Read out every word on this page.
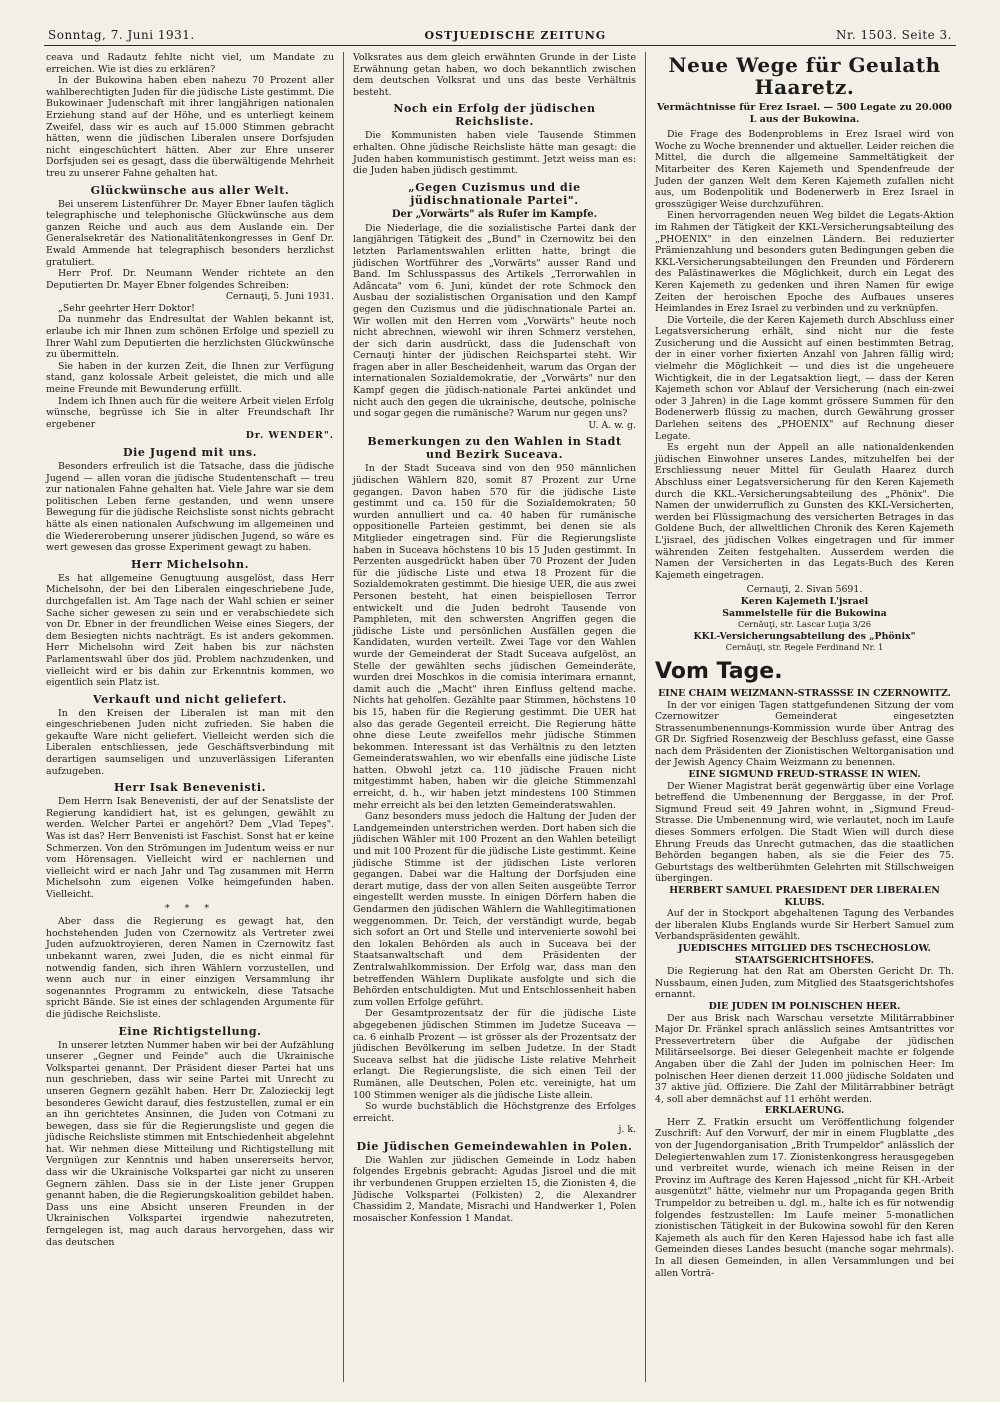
Sonntag, 7. Juni 1931.	OSTJUEDISCHE ZEITUNG	Nr. 1503. Seite 3.

ceava und Radautz fehlte nicht viel, um Mandate zu erreichen. Wie ist dies zu erklären?

In der Bukowina haben eben nahezu 70 Prozent aller wahlberechtigten Juden für die jüdische Liste gestimmt. Die Bukowinaer Judenschaft mit ihrer langjährigen nationalen Erziehung stand auf der Höhe, und es unterliegt keinem Zweifel, dass wir es auch auf 15.000 Stimmen gebracht hätten, wenn die jüdischen Liberalen unsere Dorfsjuden nicht eingeschüchtert hätten. Aber zur Ehre unserer Dorfsjuden sei es gesagt, dass die überwältigende Mehrheit treu zu unserer Fahne gehalten hat.

Glückwünsche aus aller Welt.

Bei unserem Listenführer Dr. Mayer Ebner laufen täglich telegraphische und telephonische Glückwünsche aus dem ganzen Reiche und auch aus dem Auslande ein. Der Generalsekretär des Nationalitätenkongresses in Genf Dr. Ewald Ammende hat telegraphisch besonders herzlichst gratuliert.

Herr Prof. Dr. Neumann Wender richtete an den Deputierten Dr. Mayer Ebner folgendes Schreiben:

Cernauţi, 5. Juni 1931.

„Sehr geehrter Herr Doktor!

Da nunmehr das Endresultat der Wahlen bekannt ist, erlaube ich mir Ihnen zum schönen Erfolge und speziell zu Ihrer Wahl zum Deputierten die herzlichsten Glückwünsche zu übermitteln.

Sie haben in der kurzen Zeit, die Ihnen zur Verfügung stand, ganz kolossale Arbeit geleistet, die mich und alle meine Freunde mit Bewunderung erfüllt.

Indem ich Ihnen auch für die weitere Arbeit vielen Erfolg wünsche, begrüsse ich Sie in alter Freundschaft Ihr ergebener

Dr. WENDER".
Die Jugend mit uns.

Besonders erfreulich ist die Tatsache, dass die jüdische Jugend — allen voran die jüdische Studentenschaft — treu zur nationalen Fahne gehalten hat. Viele Jahre war sie dem politischen Leben ferne gestanden, und wenn unsere Bewegung für die jüdische Reichsliste sonst nichts gebracht hätte als einen nationalen Aufschwung im allgemeinen und die Wiedereroberung unserer jüdischen Jugend, so wäre es wert gewesen das grosse Experiment gewagt zu haben.

Herr Michelsohn.

Es hat allgemeine Genugtuung ausgelöst, dass Herr Michelsohn, der bei den Liberalen eingeschriebene Jude, durchgefallen ist. Am Tage nach der Wahl schien er seiner Sache sicher gewesen zu sein und er verabschiedete sich von Dr. Ebner in der freundlichen Weise eines Siegers, der dem Besiegten nichts nachträgt. Es ist anders gekommen. Herr Michelsohn wird Zeit haben bis zur nächsten Parlamentswahl über dos jüd. Problem nachzudenken, und vielleicht wird er bis dahin zur Erkenntnis kommen, wo eigentlich sein Platz ist.

Verkauft und nicht geliefert.

In den Kreisen der Liberalen ist man mit den eingeschriebenen Juden nicht zufrieden. Sie haben die gekaufte Ware nicht geliefert. Vielleicht werden sich die Liberalen entschliessen, jede Geschäftsverbindung mit derartigen saumseligen und unzuverlässigen Liferanten aufzugeben.

Herr Isak Benevenisti.

Dem Herrn Isak Benevenisti, der auf der Senatsliste der Regierung kandidiert hat, ist es gelungen, gewählt zu werden. Welcher Partei er angehört? Dem „Vlad Tepeş". Was ist das? Herr Benvenisti ist Faschist. Sonst hat er keine Schmerzen. Von den Strömungen im Judentum weiss er nur vom Hörensagen. Vielleicht wird er nachlernen und vielleicht wird er nach Jahr und Tag zusammen mit Herrn Michelsohn zum eigenen Volke heimgefunden haben. Vielleicht.

* * *

Aber dass die Regierung es gewagt hat, den hochstehenden Juden von Czernowitz als Vertreter zwei Juden aufzuoktroyieren, deren Namen in Czernowitz fast unbekannt waren, zwei Juden, die es nicht einmal für notwendig fanden, sich ihren Wählern vorzustellen, und wenn auch nur in einer einzigen Versammlung ihr sogenanntes Programm zu entwickeln, diese Tatsache spricht Bände. Sie ist eines der schlagenden Argumente für die jüdische Reichsliste.

Eine Richtigstellung.

In unserer letzten Nummer haben wir bei der Aufzählung unserer „Gegner und Feinde" auch die Ukrainische Volkspartei genannt. Der Präsident dieser Partei hat uns nun geschrieben, dass wir seine Partei mit Unrecht zu unseren Gegnern gezählt haben. Herr Dr. Zalozieckij legt besonderes Gewicht darauf, dies festzustellen, zumal er ein an ihn gerichtetes Ansinnen, die Juden von Cotmani zu bewegen, dass sie für die Regierungsliste und gegen die jüdische Reichsliste stimmen mit Entschiedenheit abgelehnt hat. Wir nehmen diese Mitteilung und Richtigstellung mit Vergnügen zur Kenntnis und haben unsererseits hervor, dass wir die Ukrainische Volkspartei gar nicht zu unseren Gegnern zählen. Dass sie in der Liste jener Gruppen genannt haben, die die Regierungskoalition gebildet haben. Dass uns eine Absicht unseren Freunden in der Ukrainischen Volkspartei irgendwie nahezutreten, ferngelegen ist, mag auch daraus hervorgehen, dass wir das deutschen

Volksrates aus dem gleich erwähnten Grunde in der Liste Erwähnung getan haben, wo doch bekanntlich zwischen dem deutschen Volksrat und uns das beste Verhältnis besteht.

Noch ein Erfolg der jüdischen Reichsliste.

Die Kommunisten haben viele Tausende Stimmen erhalten. Ohne jüdische Reichsliste hätte man gesagt: die Juden haben kommunistisch gestimmt. Jetzt weiss man es: die Juden haben jüdisch gestimmt.

„Gegen Cuzismus und die jüdischnationale Partei".
Der „Vorwärts" als Rufer im Kampfe.

Die Niederlage, die die sozialistische Partei dank der langjährigen Tätigkeit des „Bund" in Czernowitz bei den letzten Parlamentswahlen erlitten hatte, bringt die jüdischen Wortführer des „Vorwärts" ausser Rand und Band. Im Schlusspassus des Artikels „Terrorwahlen in Adâncata" vom 6. Juni, kündet der rote Schmock den Ausbau der sozialistischen Organisation und den Kampf gegen den Cuzismus und die jüdischnationale Partei an. Wir wollen mit den Herren vom „Vorwärts" heute noch nicht abrechnen, wiewohl wir ihren Schmerz verstehen, der sich darin ausdrückt, dass die Judenschaft von Cernauţi hinter der jüdischen Reichspartei steht. Wir fragen aber in aller Bescheidenheit, warum das Organ der internationalen Sozialdemokratie, der „Vorwärts" nur den Kampf gegen die jüdisch-nationale Partei ankündet und nicht auch den gegen die ukrainische, deutsche, polnische und sogar gegen die rumänische? Warum nur gegen uns?

U. A. w. g.
Bemerkungen zu den Wahlen in Stadt und Bezirk Suceava.

In der Stadt Suceava sind von den 950 männlichen jüdischen Wählern 820, somit 87 Prozent zur Urne gegangen. Davon haben 570 für die jüdische Liste gestimmt und ca. 150 für die Sozialdemokraten; 50 wurden annulliert und ca. 40 haben für rumänische oppositionelle Parteien gestimmt, bei denen sie als Mitglieder eingetragen sind. Für die Regierungsliste haben in Suceava höchstens 10 bis 15 Juden gestimmt. In Perzenten ausgedrückt haben über 70 Prozent der Juden für die jüdische Liste und etwa 18 Prozent für die Sozialdemokraten gestimmt. Die hiesige UER, die aus zwei Personen besteht, hat einen beispiellosen Terror entwickelt und die Juden bedroht Tausende von Pamphleten, mit den schwersten Angriffen gegen die jüdische Liste und persönlichen Ausfällen gegen die Kandidaten, wurden verteilt. Zwei Tage vor den Wahlen wurde der Gemeinderat der Stadt Suceava aufgelöst, an Stelle der gewählten sechs jüdischen Gemeinderäte, wurden drei Moschkos in die comisia interimara ernannt, damit auch die „Macht" ihren Einfluss geltend mache. Nichts hat geholfen. Gezählte paar Stimmen, höchstens 10 bis 15, haben für die Regierung gestimmt. Die UER hat also das gerade Gegenteil erreicht. Die Regierung hätte ohne diese Leute zweifellos mehr jüdische Stimmen bekommen. Interessant ist das Verhältnis zu den letzten Gemeinderatswahlen, wo wir ebenfalls eine jüdische Liste hatten. Obwohl jetzt ca. 110 jüdische Frauen nicht mitgestimmt haben, haben wir die gleiche Stimmenzahl erreicht, d. h., wir haben jetzt mindestens 100 Stimmen mehr erreicht als bei den letzten Gemeinderatswahlen.

Ganz besonders muss jedoch die Haltung der Juden der Landgemeinden unterstrichen werden. Dort haben sich die jüdischen Wähler mit 100 Prozent an den Wahlen beteiligt und mit 100 Prozent für die jüdische Liste gestimmt. Keine jüdische Stimme ist der jüdischen Liste verloren gegangen. Dabei war die Haltung der Dorfsjuden eine derart mutige, dass der von allen Seiten ausgeübte Terror eingestellt werden musste. In einigen Dörfern haben die Gendarmen den jüdischen Wählern die Wahllegitimationen weggenommen. Dr. Teich, der verständigt wurde, begab sich sofort an Ort und Stelle und intervenierte sowohl bei den lokalen Behörden als auch in Suceava bei der Staatsanwaltschaft und dem Präsidenten der Zentralwahlkommission. Der Erfolg war, dass man den betreffenden Wählern Duplikate ausfolgte und sich die Behörden entschuldigten. Mut und Entschlossenheit haben zum vollen Erfolge geführt.

Der Gesamtprozentsatz der für die jüdische Liste abgegebenen jüdischen Stimmen im Judetze Suceava — ca. 6 einhalb Prozent — ist grösser als der Prozentsatz der jüdischen Bevölkerung im selben Judetze. In der Stadt Suceava selbst hat die jüdische Liste relative Mehrheit erlangt. Die Regierungsliste, die sich einen Teil der Rumänen, alle Deutschen, Polen etc. vereinigte, hat um 100 Stimmen weniger als die jüdische Liste allein.

So wurde buchstäblich die Höchstgrenze des Erfolges erreicht.

j. k.
Die Jüdischen Gemeindewahlen in Polen.

Die Wahlen zur jüdischen Gemeinde in Lodz haben folgendes Ergebnis gebracht: Agudas Jisroel und die mit ihr verbundenen Gruppen erzielten 15, die Zionisten 4, die Jüdische Volkspartei (Folkisten) 2, die Alexandrer Chassidim 2, Mandate, Misrachi und Handwerker 1, Polen mosaischer Konfession 1 Mandat.

Neue Wege für Geulath Haaretz.
Vermächtnisse für Erez Israel. — 500 Legate zu 20.000 L aus der Bukowina.

Die Frage des Bodenproblems in Erez Israel wird von Woche zu Woche brennender und aktueller. Leider reichen die Mittel, die durch die allgemeine Sammeltätigkeit der Mitarbeiter des Keren Kajemeth und Spendenfreude der Juden der ganzen Welt dem Keren Kajemeth zufallen nicht aus, um Bodenpolitik und Bodenerwerb in Erez Israel in grosszügiger Weise durchzuführen.

Einen hervorragenden neuen Weg bildet die Legats-Aktion im Rahmen der Tätigkeit der KKL-Versicherungsabteilung des „PHOENIX" in den einzelnen Ländern. Bei reduzierter Prämienzahlung und besonders guten Bedingungen geben die KKL-Versicherungsabteilungen den Freunden und Förderern des Palästinawerkes die Möglichkeit, durch ein Legat des Keren Kajemeth zu gedenken und ihren Namen für ewige Zeiten der heroischen Epoche des Aufbaues unseres Heimlandes in Erez Israel zu verbinden und zu verknüpfen.

Die Vorteile, die der Keren Kajemeth durch Abschluss einer Legatsversicherung erhält, sind nicht nur die feste Zusicherung und die Aussicht auf einen bestimmten Betrag, der in einer vorher fixierten Anzahl von Jahren fällig wird; vielmehr die Möglichkeit — und dies ist die ungeheuere Wichtigkeit, die in der Legatsaktion liegt, — dass der Keren Kajemeth schon vor Ablauf der Versicherung (nach ein-zwei oder 3 Jahren) in die Lage kommt grössere Summen für den Bodenerwerb flüssig zu machen, durch Gewährung grosser Darlehen seitens des „PHOENIX" auf Rechnung dieser Legate.

Es ergeht nun der Appell an alle nationaldenkenden jüdischen Einwohner unseres Landes, mitzuhelfen bei der Erschliessung neuer Mittel für Geulath Haarez durch Abschluss einer Legatsversicherung für den Keren Kajemeth durch die KKL.-Versicherungsabteilung des „Phönix". Die Namen der unwiderruflich zu Gunsten des KKL-Versicherten, werden bei Flüssigmachung des versicherten Betrages in das Goldene Buch, der allweltlichen Chronik des Keren Kajemeth L'jisrael, des jüdischen Volkes eingetragen und für immer währenden Zeiten festgehalten. Ausserdem werden die Namen der Versicherten in das Legats-Buch des Keren Kajemeth eingetragen.

Cernauţi, 2. Sivan 5691.
Keren Kajemeth L'jsrael
Sammelstelle für die Bukowina
Cernăuţi, str. Lascar Luţia 3/26
KKL-Versicherungsabteilung des „Phönix"
Cernăuţi, str. Regele Ferdinand Nr. 1
Vom Tage.
EINE CHAIM WEIZMANN-STRASSSE IN CZERNOWITZ.

In der vor einigen Tagen stattgefundenen Sitzung der vom Czernowitzer Gemeinderat eingesetzten Strassenumbenennungs-Kommission wurde über Antrag des GR Dr. Sigfried Rosenzweig der Beschluss gefasst, eine Gasse nach dem Präsidenten der Zionistischen Weltorganisation und der Jewish Agency Chaim Weizmann zu benennen.

EINE SIGMUND FREUD-STRASSE IN WIEN.

Der Wiener Magistrat berät gegenwärtig über eine Vorlage betreffend die Umbenennung der Berggasse, in der Prof. Sigmund Freud seit 49 Jahren wohnt, in „Sigmund Freud-Strasse. Die Umbenennung wird, wie verlautet, noch im Laufe dieses Sommers erfolgen. Die Stadt Wien will durch diese Ehrung Freuds das Unrecht gutmachen, das die staatlichen Behörden begangen haben, als sie die Feier des 75. Geburtstags des weltberühmten Gelehrten mit Stillschweigen übergingen.

HERBERT SAMUEL PRAESIDENT DER LIBERALEN KLUBS.

Auf der in Stockport abgehaltenen Tagung des Verbandes der liberalen Klubs Englands wurde Sir Herbert Samuel zum Verbandspräsidenten gewählt.

JUEDISCHES MITGLIED DES TSCHECHOSLOW. STAATSGERICHTSHOFES.

Die Regierung hat den Rat am Obersten Gericht Dr. Th. Nussbaum, einen Juden, zum Mitglied des Staatsgerichtshofes ernannt.

DIE JUDEN IM POLNISCHEN HEER.

Der aus Brisk nach Warschau versetzte Militärrabbiner Major Dr. Fränkel sprach anlässlich seines Amtsantrittes vor Pressevertretern über die Aufgabe der jüdischen Militärseelsorge. Bei dieser Gelegenheit machte er folgende Angaben über die Zahl der Juden im polnischen Heer: Im polnischen Heer dienen derzeit 11.000 jüdische Soldaten und 37 aktive jüd. Offiziere. Die Zahl der Militärrabbiner beträgt 4, soll aber demnächst auf 11 erhöht werden.

ERKLAERUNG.

Herr Z. Fratkin ersucht um Veröffentlichung folgender Zuschrift: Auf den Vorwurf, der mir in einem Flugblatte „des von der Jugendorganisation „Brith Trumpeldor" anlässlich der Delegiertenwahlen zum 17. Zionistenkongress herausgegeben und verbreitet wurde, wienach ich meine Reisen in der Provinz im Auftrage des Keren Hajessod „nicht für KH.-Arbeit ausgenützt" hätte, vielmehr nur um Propaganda gegen Brith Trumpeldor zu betreiben u. dgl. m., halte ich es für notwendig folgendes festzustellen: Im Laufe meiner 5-monatlichen zionistischen Tätigkeit in der Bukowina sowohl für den Keren Kajemeth als auch für den Keren Hajessod habe ich fast alle Gemeinden dieses Landes besucht (manche sogar mehrmals). In all diesen Gemeinden, in allen Versammlungen und bei allen Vorträ-
